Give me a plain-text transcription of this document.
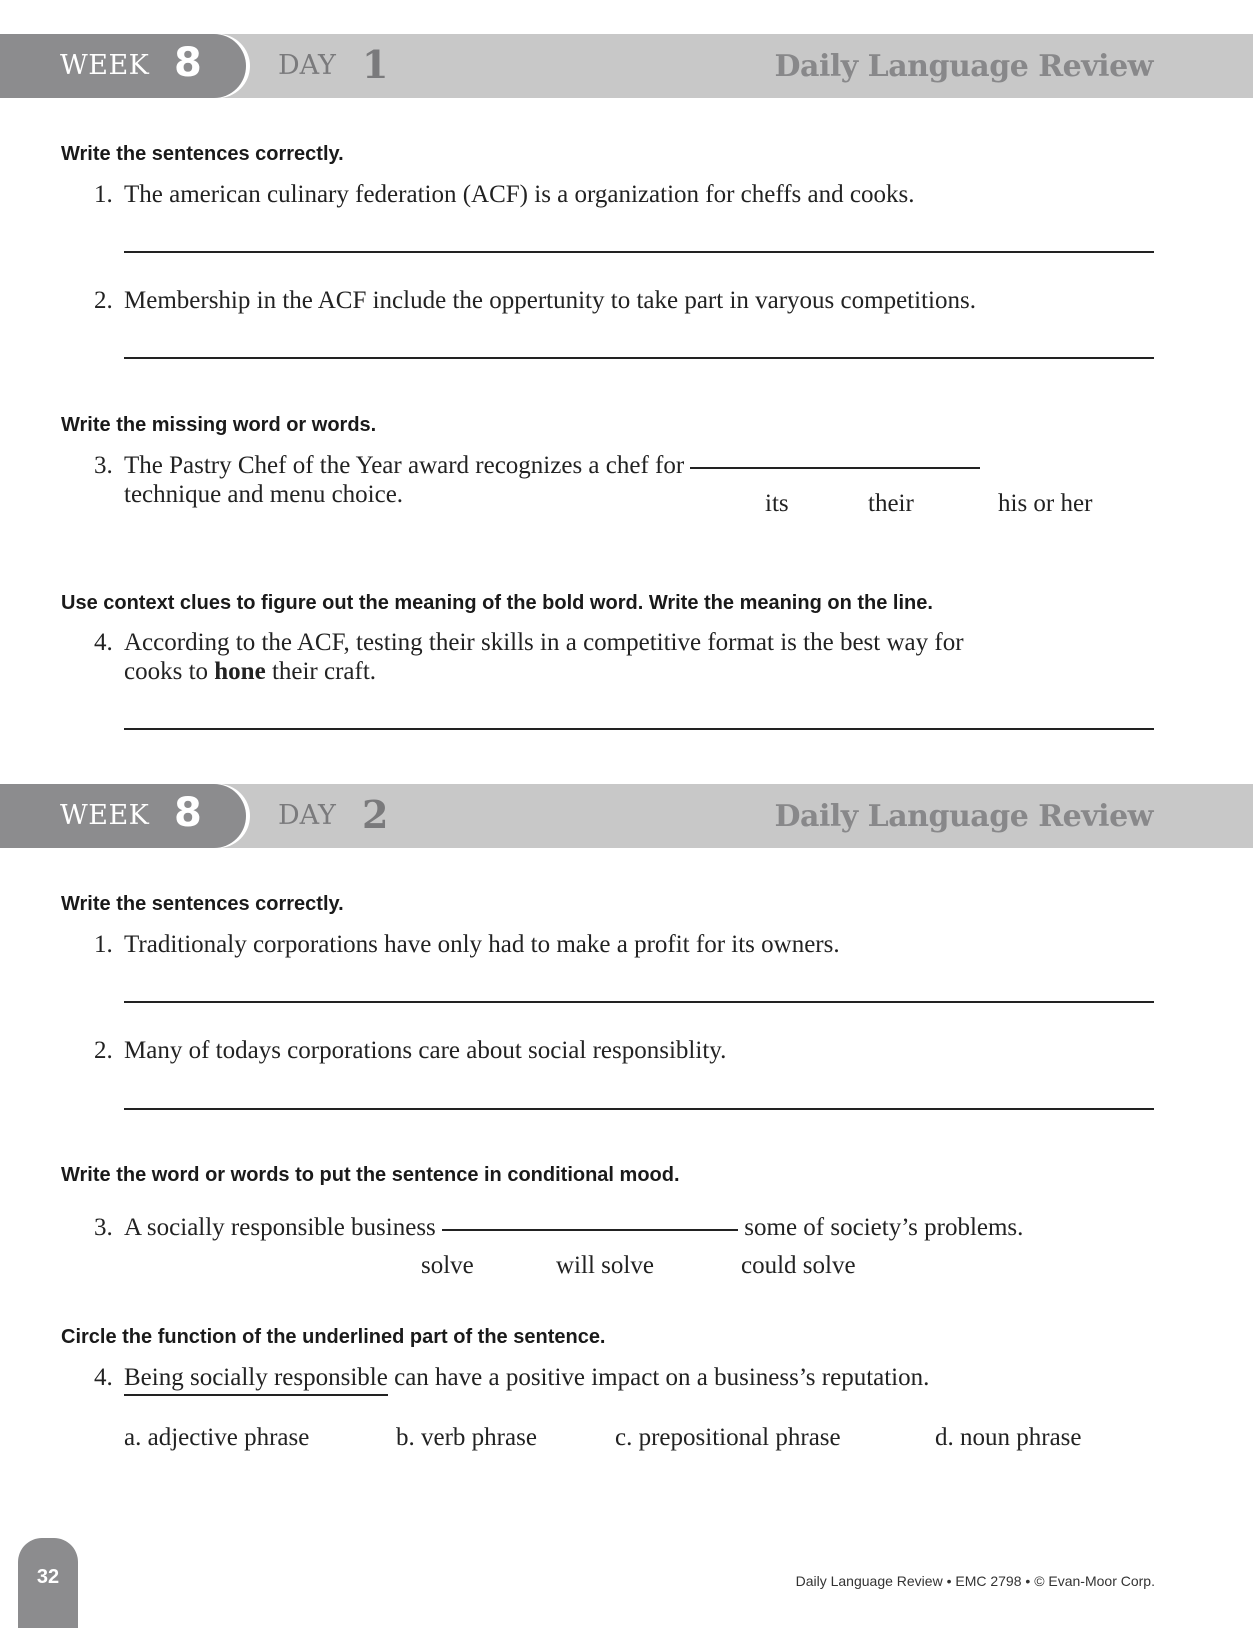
WEEK 8	DAY 1	Daily Language Review
Write the sentences correctly.
1. The american culinary federation (ACF) is a organization for cheffs and cooks.
2. Membership in the ACF include the oppertunity to take part in varyous competitions.
Write the missing word or words.
3. The Pastry Chef of the Year award recognizes a chef for
technique and menu choice.	its	their	his or her
Use context clues to figure out the meaning of the bold word. Write the meaning on the line.
4. According to the ACF, testing their skills in a competitive format is the best way for
cooks to hone their craft.
WEEK 8	DAY 2	Daily Language Review
Write the sentences correctly.
1. Traditionaly corporations have only had to make a profit for its owners.
2. Many of todays corporations care about social responsiblity.
Write the word or words to put the sentence in conditional mood.
3. A socially responsible business	some of society’s problems.
solve	will solve	could solve
Circle the function of the underlined part of the sentence.
4. Being socially responsible can have a positive impact on a business’s reputation.
a. adjective phrase	b. verb phrase	c. prepositional phrase	d. noun phrase
32	Daily Language Review • EMC 2798 • © Evan-Moor Corp.
